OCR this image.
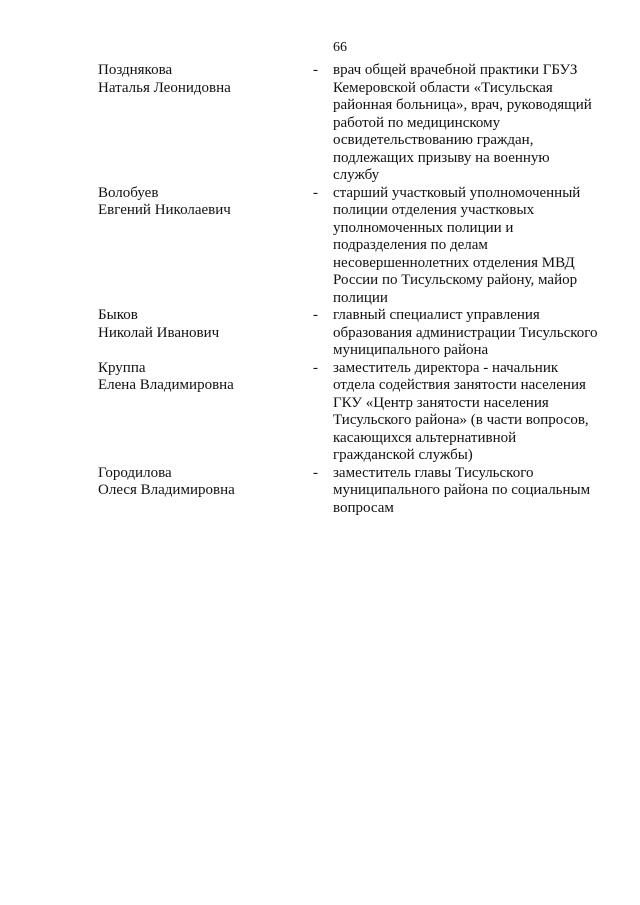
66
Позднякова
Наталья Леонидовна
-	врач общей врачебной практики ГБУЗ Кемеровской области «Тисульская районная больница», врач, руководящий работой по медицинскому освидетельствованию граждан, подлежащих призыву на военную службу
Волобуев
Евгений Николаевич
-	старший участковый уполномоченный полиции отделения участковых уполномоченных полиции и подразделения по делам несовершеннолетних отделения МВД России по Тисульскому району, майор полиции
Быков
Николай Иванович
-	главный специалист управления образования администрации Тисульского муниципального района
Круппа
Елена Владимировна
-	заместитель директора - начальник отдела содействия занятости населения ГКУ «Центр занятости населения Тисульского района» (в части вопросов, касающихся альтернативной гражданской службы)
Городилова
Олеся Владимировна
-	заместитель главы Тисульского муниципального района по социальным вопросам
